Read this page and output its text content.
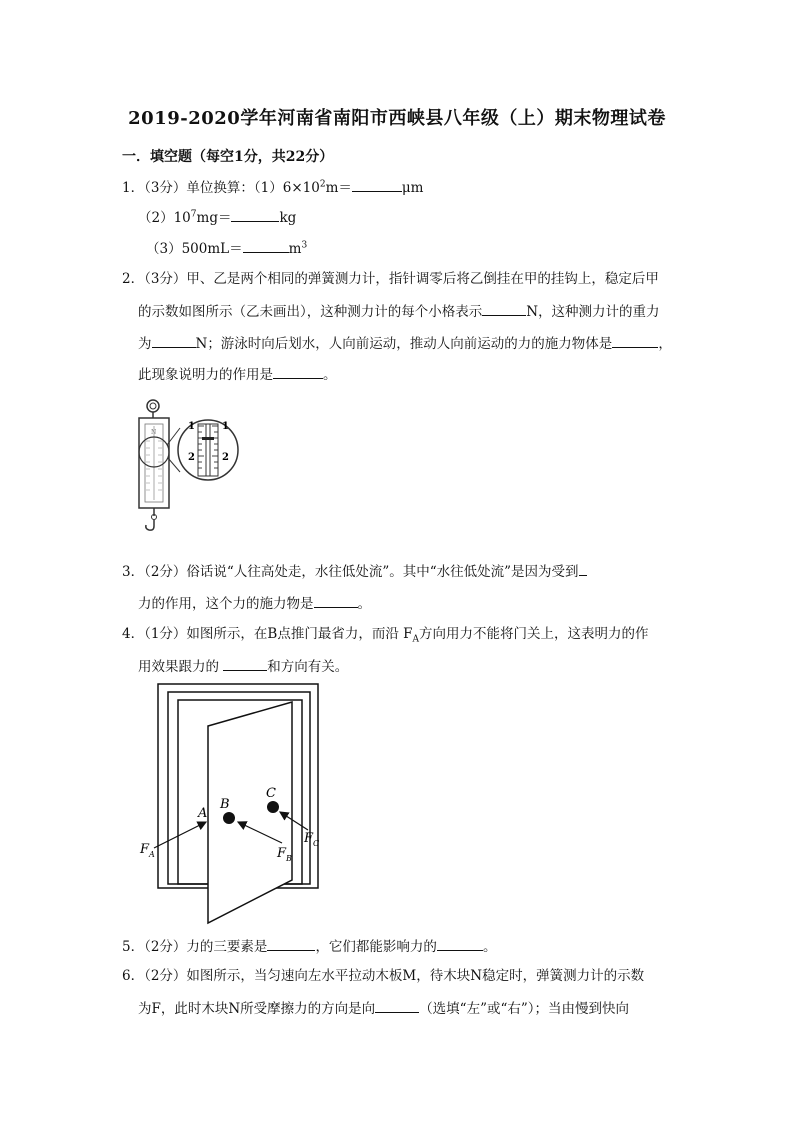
2019-2020学年河南省南阳市西峡县八年级（上）期末物理试卷
一．填空题（每空1分，共22分）
1．（3分）单位换算：$(1)6\times 10^2m=$	μm
$(2)10^7mg=$	kg
（3）500mL＝	$m^3$
2．（3分）甲、乙是两个相同的弹簧测力计，指针调零后将乙倒挂在甲的挂钩上，稳定后甲
的示数如图所示（乙未画出），这种测力计的每个小格表示	N，这种测力计的重力
为	N；游泳时向后划水，人向前运动，推动人向前运动的力的施力物体是	，
此现象说明力的作用是	。
N
1
2
1
2
3．（2分）俗话说“人往高处走，水往低处流”。其中“水往低处流”是因为受到
力的作用，这个力的施力物是	。
4．（1分）如图所示，在B点推门最省力，而沿 $F_A$方向用力不能将门关上，这表明力的作
用效果跟力的	和方向有关。
A
B
C
$F_A$	$F_B$
$F_C$
5．（2分）力的三要素是	，它们都能影响力的	。
6．（2分）如图所示，当匀速向左水平拉动木板M，待木块N稳定时，弹簧测力计的示数
为F，此时木块N所受摩擦力的方向是向	（选填“左”或“右”）；当由慢到快向
